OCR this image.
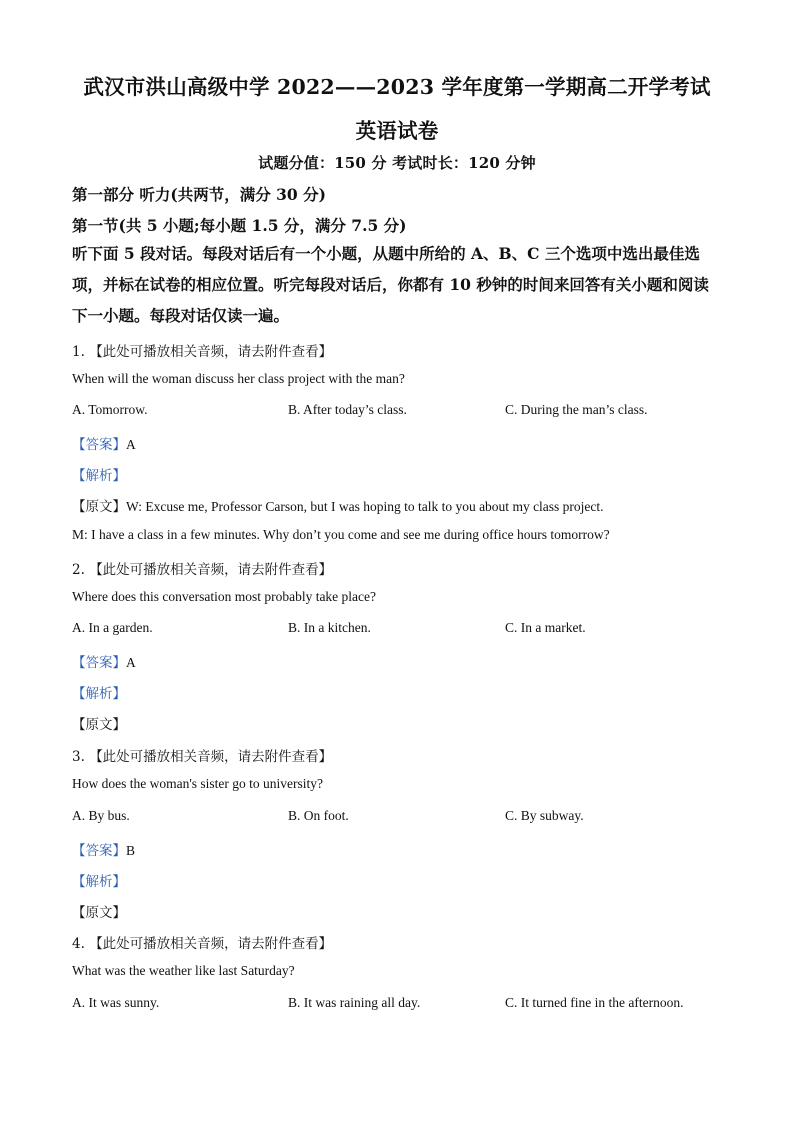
武汉市洪山高级中学 2022——2023 学年度第一学期高二开学考试
英语试卷
试题分值：150 分 考试时长：120 分钟
第一部分 听力(共两节，满分 30 分)
第一节(共 5 小题;每小题 1.5 分，满分 7.5 分)
听下面 5 段对话。每段对话后有一个小题，从题中所给的 A、B、C 三个选项中选出最佳选项，并标在试卷的相应位置。听完每段对话后，你都有 10 秒钟的时间来回答有关小题和阅读下一小题。每段对话仅读一遍。
1. 【此处可播放相关音频，请去附件查看】
When will the woman discuss her class project with the man?
A. Tomorrow.	B. After today’s class.	C. During the man’s class.
【答案】A
【解析】
【原文】W: Excuse me, Professor Carson, but I was hoping to talk to you about my class project.
M: I have a class in a few minutes. Why don’t you come and see me during office hours tomorrow?
2. 【此处可播放相关音频，请去附件查看】
Where does this conversation most probably take place?
A. In a garden.	B. In a kitchen.	C. In a market.
【答案】A
【解析】
【原文】
3. 【此处可播放相关音频，请去附件查看】
How does the woman's sister go to university?
A. By bus.	B. On foot.	C. By subway.
【答案】B
【解析】
【原文】
4. 【此处可播放相关音频，请去附件查看】
What was the weather like last Saturday?
A. It was sunny.	B. It was raining all day.	C. It turned fine in the afternoon.
